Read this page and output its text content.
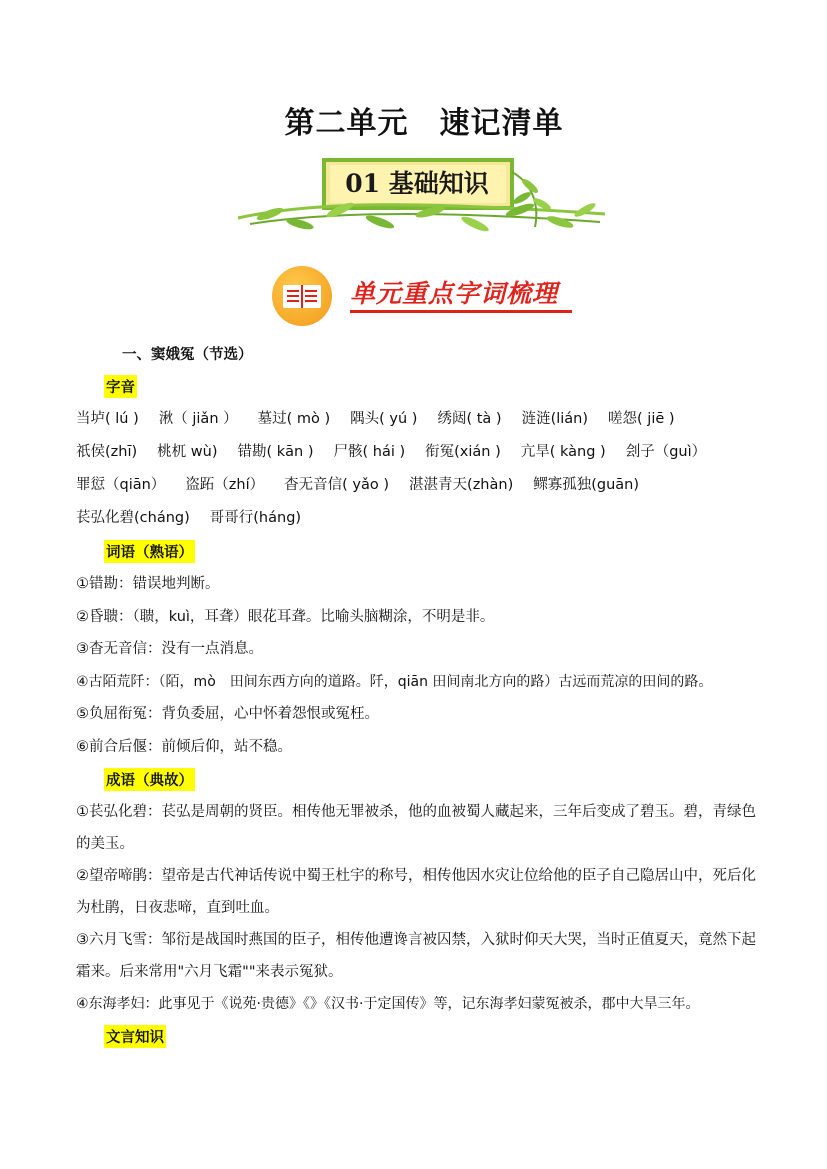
第二单元　速记清单
01 基础知识
单元重点字词梳理
一、窦娥冤（节选）
字音
当垆( lú ) 湫（ jiǎn ） 墓过( mò ) 隅头( yú ) 绣闼( tà ) 涟涟(lián) 嗟怨( jiē )
祇侯(zhī) 桃杌 wù) 错勘( kān ) 尸骸( hái ) 衔冤(xián ) 亢旱( kàng ) 刽子（guì）
罪愆（qiān） 盗跖（zhí） 杳无音信( yǎo ) 湛湛青天(zhàn) 鳏寡孤独(guān)
苌弘化碧(cháng) 哥哥行(háng)
词语（熟语）
①错勘：错误地判断。
②昏聩：（聩，kuì，耳聋）眼花耳聋。比喻头脑糊涂，不明是非。
③杳无音信：没有一点消息。
④古陌荒阡：（陌，mò　田间东西方向的道路。阡，qiān 田间南北方向的路）古远而荒凉的田间的路。
⑤负屈衔冤：背负委屈，心中怀着怨恨或冤枉。
⑥前合后偃：前倾后仰，站不稳。
成语（典故）
①苌弘化碧：苌弘是周朝的贤臣。相传他无罪被杀，他的血被蜀人藏起来，三年后变成了碧玉。碧，青绿色的美玉。
②望帝啼鹃：望帝是古代神话传说中蜀王杜宇的称号，相传他因水灾让位给他的臣子自己隐居山中，死后化为杜鹃，日夜悲啼，直到吐血。
③六月飞雪：邹衍是战国时燕国的臣子，相传他遭谗言被囚禁，入狱时仰天大哭，当时正值夏天，竟然下起霜来。后来常用"六月飞霜""来表示冤狱。
④东海孝妇：此事见于《说苑·贵德》《》《汉书·于定国传》等，记东海孝妇蒙冤被杀，郡中大旱三年。
文言知识
